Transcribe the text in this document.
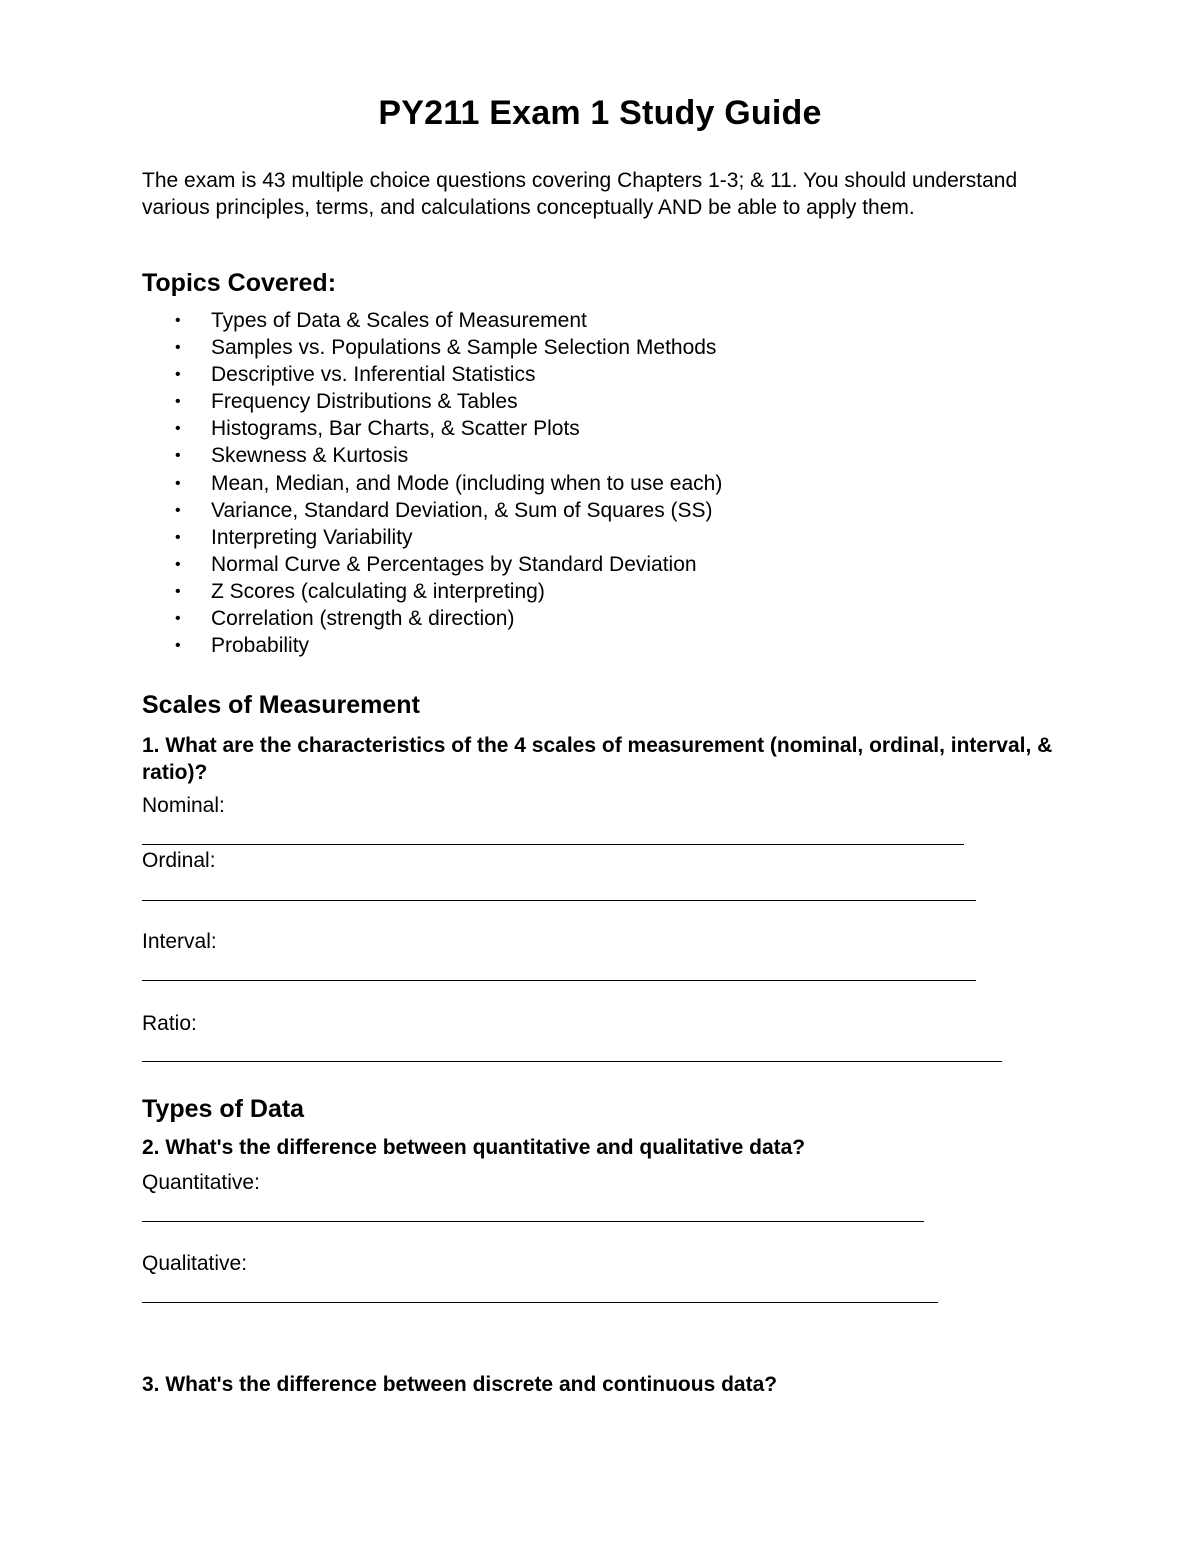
PY211 Exam 1 Study Guide
The exam is 43 multiple choice questions covering Chapters 1-3; & 11. You should understand various principles, terms, and calculations conceptually AND be able to apply them.
Topics Covered:
• Types of Data & Scales of Measurement
• Samples vs. Populations & Sample Selection Methods
• Descriptive vs. Inferential Statistics
• Frequency Distributions & Tables
• Histograms, Bar Charts, & Scatter Plots
• Skewness & Kurtosis
• Mean, Median, and Mode (including when to use each)
• Variance, Standard Deviation, & Sum of Squares (SS)
• Interpreting Variability
• Normal Curve & Percentages by Standard Deviation
• Z Scores (calculating & interpreting)
• Correlation (strength & direction)
• Probability
Scales of Measurement
1. What are the characteristics of the 4 scales of measurement (nominal, ordinal, interval, & ratio)?
Nominal:
Ordinal:
Interval:
Ratio:
Types of Data
2. What's the difference between quantitative and qualitative data?
Quantitative:
Qualitative:
3. What's the difference between discrete and continuous data?
